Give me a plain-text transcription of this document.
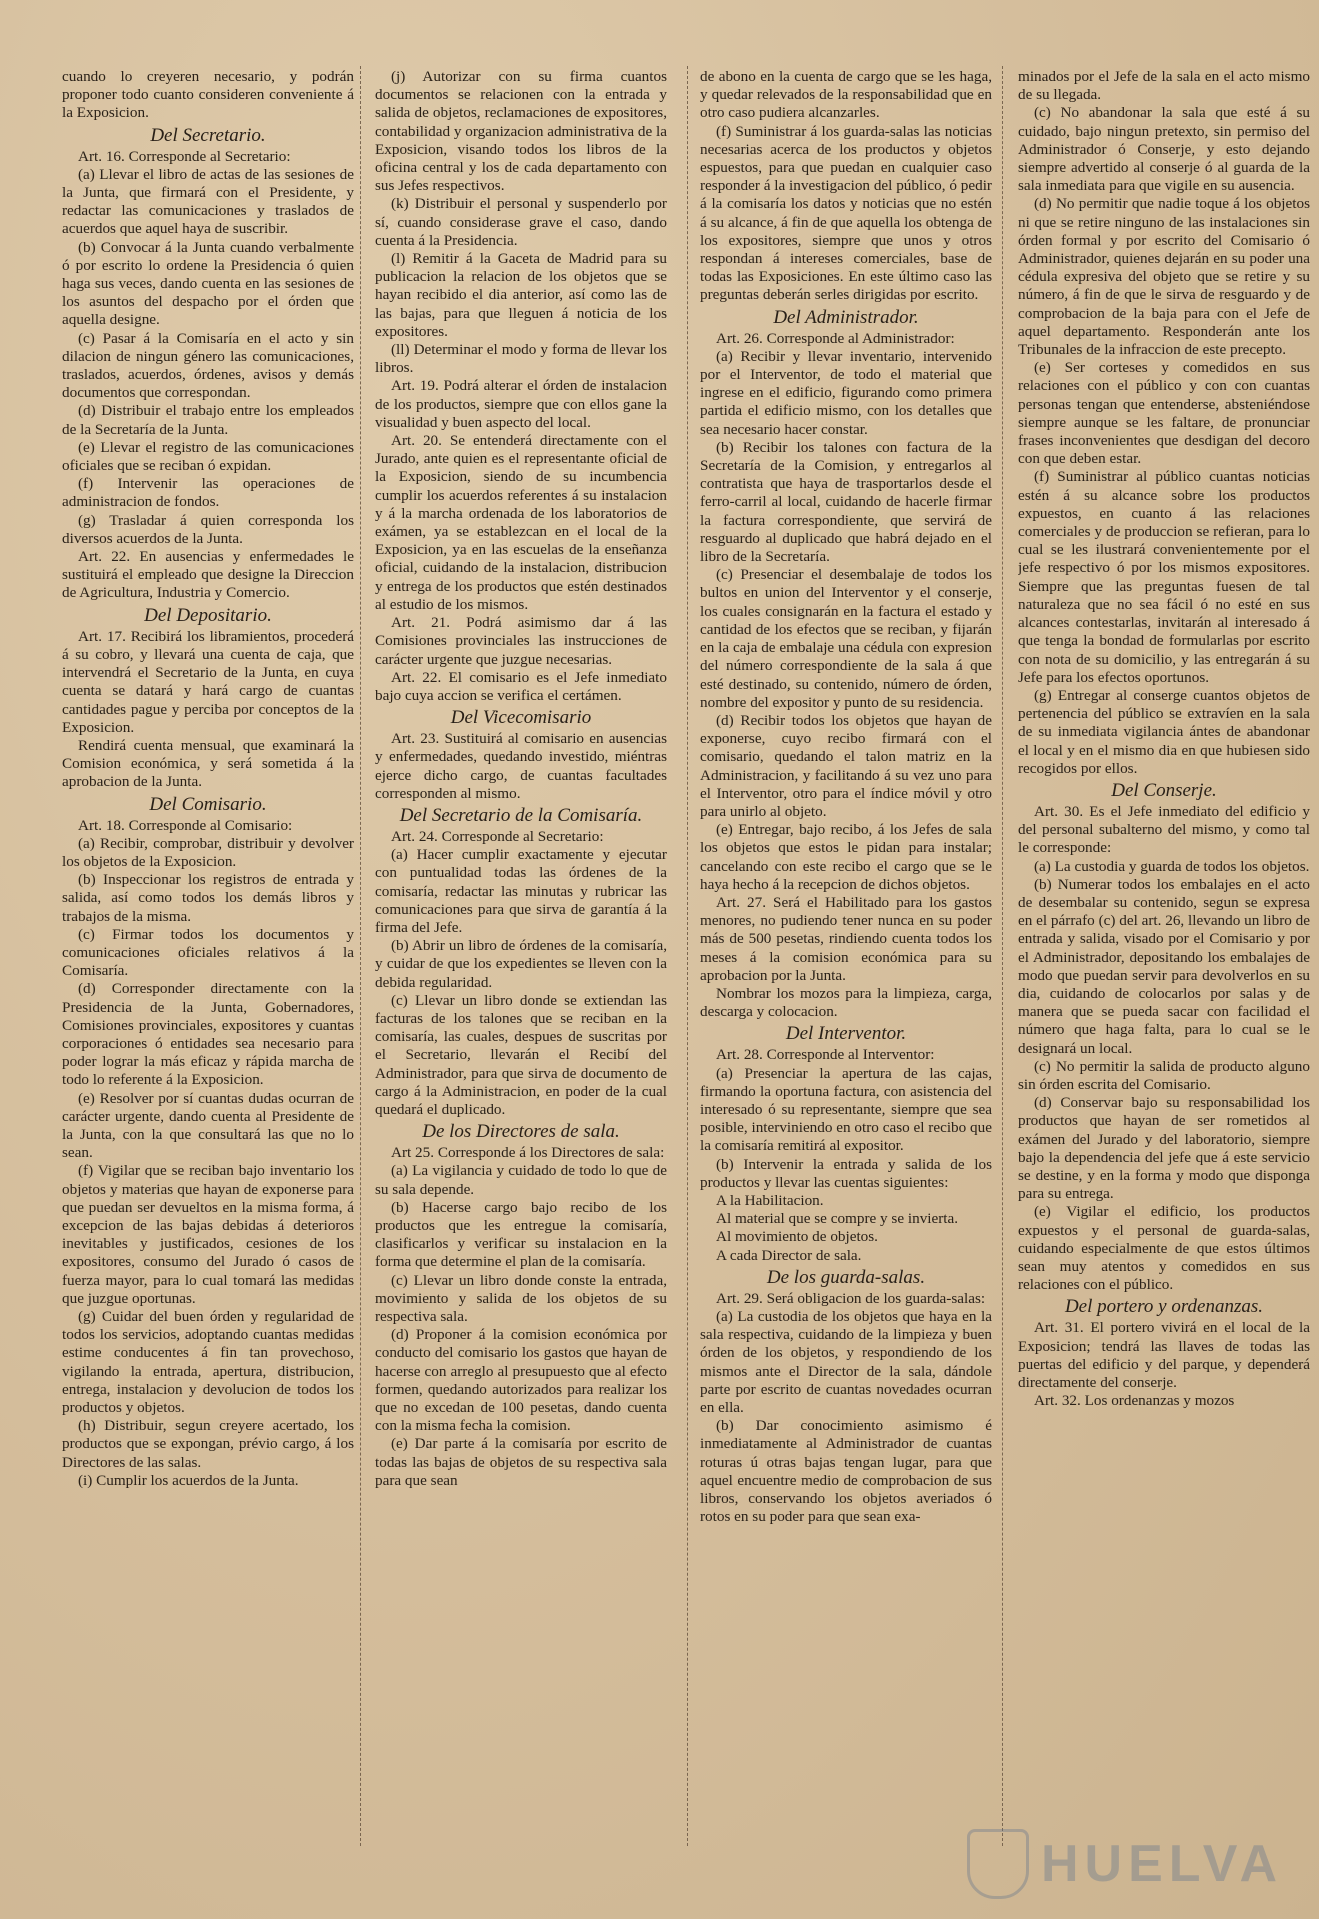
cuando lo creyeren necesario, y podrán proponer todo cuanto consideren conveniente á la Exposicion.

Del Secretario.

Art. 16. Corresponde al Secretario:

(a) Llevar el libro de actas de las sesiones de la Junta, que firmará con el Presidente, y redactar las comunicaciones y traslados de acuerdos que aquel haya de suscribir.

(b) Convocar á la Junta cuando verbalmente ó por escrito lo ordene la Presidencia ó quien haga sus veces, dando cuenta en las sesiones de los asuntos del despacho por el órden que aquella designe.

(c) Pasar á la Comisaría en el acto y sin dilacion de ningun género las comunicaciones, traslados, acuerdos, órdenes, avisos y demás documentos que correspondan.

(d) Distribuir el trabajo entre los empleados de la Secretaría de la Junta.

(e) Llevar el registro de las comunicaciones oficiales que se reciban ó expidan.

(f) Intervenir las operaciones de administracion de fondos.

(g) Trasladar á quien corresponda los diversos acuerdos de la Junta.

Art. 22. En ausencias y enfermedades le sustituirá el empleado que designe la Direccion de Agricultura, Industria y Comercio.

Del Depositario.

Art. 17. Recibirá los libramientos, procederá á su cobro, y llevará una cuenta de caja, que intervendrá el Secretario de la Junta, en cuya cuenta se datará y hará cargo de cuantas cantidades pague y perciba por conceptos de la Exposicion.

Rendirá cuenta mensual, que examinará la Comision económica, y será sometida á la aprobacion de la Junta.

Del Comisario.

Art. 18. Corresponde al Comisario:

(a) Recibir, comprobar, distribuir y devolver los objetos de la Exposicion.

(b) Inspeccionar los registros de entrada y salida, así como todos los demás libros y trabajos de la misma.

(c) Firmar todos los documentos y comunicaciones oficiales relativos á la Comisaría.

(d) Corresponder directamente con la Presidencia de la Junta, Gobernadores, Comisiones provinciales, expositores y cuantas corporaciones ó entidades sea necesario para poder lograr la más eficaz y rápida marcha de todo lo referente á la Exposicion.

(e) Resolver por sí cuantas dudas ocurran de carácter urgente, dando cuenta al Presidente de la Junta, con la que consultará las que no lo sean.

(f) Vigilar que se reciban bajo inventario los objetos y materias que hayan de exponerse para que puedan ser devueltos en la misma forma, á excepcion de las bajas debidas á deterioros inevitables y justificados, cesiones de los expositores, consumo del Jurado ó casos de fuerza mayor, para lo cual tomará las medidas que juzgue oportunas.

(g) Cuidar del buen órden y regularidad de todos los servicios, adoptando cuantas medidas estime conducentes á fin tan provechoso, vigilando la entrada, apertura, distribucion, entrega, instalacion y devolucion de todos los productos y objetos.

(h) Distribuir, segun creyere acertado, los productos que se expongan, prévio cargo, á los Directores de las salas.

(i) Cumplir los acuerdos de la Junta.

(j) Autorizar con su firma cuantos documentos se relacionen con la entrada y salida de objetos, reclamaciones de expositores, contabilidad y organizacion administrativa de la Exposicion, visando todos los libros de la oficina central y los de cada departamento con sus Jefes respectivos.

(k) Distribuir el personal y suspenderlo por sí, cuando considerase grave el caso, dando cuenta á la Presidencia.

(l) Remitir á la Gaceta de Madrid para su publicacion la relacion de los objetos que se hayan recibido el dia anterior, así como las de las bajas, para que lleguen á noticia de los expositores.

(ll) Determinar el modo y forma de llevar los libros.

Art. 19. Podrá alterar el órden de instalacion de los productos, siempre que con ellos gane la visualidad y buen aspecto del local.

Art. 20. Se entenderá directamente con el Jurado, ante quien es el representante oficial de la Exposicion, siendo de su incumbencia cumplir los acuerdos referentes á su instalacion y á la marcha ordenada de los laboratorios de exámen, ya se establezcan en el local de la Exposicion, ya en las escuelas de la enseñanza oficial, cuidando de la instalacion, distribucion y entrega de los productos que estén destinados al estudio de los mismos.

Art. 21. Podrá asimismo dar á las Comisiones provinciales las instrucciones de carácter urgente que juzgue necesarias.

Art. 22. El comisario es el Jefe inmediato bajo cuya accion se verifica el certámen.

Del Vicecomisario

Art. 23. Sustituirá al comisario en ausencias y enfermedades, quedando investido, miéntras ejerce dicho cargo, de cuantas facultades corresponden al mismo.

Del Secretario de la Comisaría.

Art. 24. Corresponde al Secretario:

(a) Hacer cumplir exactamente y ejecutar con puntualidad todas las órdenes de la comisaría, redactar las minutas y rubricar las comunicaciones para que sirva de garantía á la firma del Jefe.

(b) Abrir un libro de órdenes de la comisaría, y cuidar de que los expedientes se lleven con la debida regularidad.

(c) Llevar un libro donde se extiendan las facturas de los talones que se reciban en la comisaría, las cuales, despues de suscritas por el Secretario, llevarán el Recibí del Administrador, para que sirva de documento de cargo á la Administracion, en poder de la cual quedará el duplicado.

De los Directores de sala.

Art 25. Corresponde á los Directores de sala:

(a) La vigilancia y cuidado de todo lo que de su sala depende.

(b) Hacerse cargo bajo recibo de los productos que les entregue la comisaría, clasificarlos y verificar su instalacion en la forma que determine el plan de la comisaría.

(c) Llevar un libro donde conste la entrada, movimiento y salida de los objetos de su respectiva sala.

(d) Proponer á la comision económica por conducto del comisario los gastos que hayan de hacerse con arreglo al presupuesto que al efecto formen, quedando autorizados para realizar los que no excedan de 100 pesetas, dando cuenta con la misma fecha la comision.

(e) Dar parte á la comisaría por escrito de todas las bajas de objetos de su respectiva sala para que sean

de abono en la cuenta de cargo que se les haga, y quedar relevados de la responsabilidad que en otro caso pudiera alcanzarles.

(f) Suministrar á los guarda-salas las noticias necesarias acerca de los productos y objetos espuestos, para que puedan en cualquier caso responder á la investigacion del público, ó pedir á la comisaría los datos y noticias que no estén á su alcance, á fin de que aquella los obtenga de los expositores, siempre que unos y otros respondan á intereses comerciales, base de todas las Exposiciones. En este último caso las preguntas deberán serles dirigidas por escrito.

Del Administrador.

Art. 26. Corresponde al Administrador:

(a) Recibir y llevar inventario, intervenido por el Interventor, de todo el material que ingrese en el edificio, figurando como primera partida el edificio mismo, con los detalles que sea necesario hacer constar.

(b) Recibir los talones con factura de la Secretaría de la Comision, y entregarlos al contratista que haya de trasportarlos desde el ferro-carril al local, cuidando de hacerle firmar la factura correspondiente, que servirá de resguardo al duplicado que habrá dejado en el libro de la Secretaría.

(c) Presenciar el desembalaje de todos los bultos en union del Interventor y el conserje, los cuales consignarán en la factura el estado y cantidad de los efectos que se reciban, y fijarán en la caja de embalaje una cédula con expresion del número correspondiente de la sala á que esté destinado, su contenido, número de órden, nombre del expositor y punto de su residencia.

(d) Recibir todos los objetos que hayan de exponerse, cuyo recibo firmará con el comisario, quedando el talon matriz en la Administracion, y facilitando á su vez uno para el Interventor, otro para el índice móvil y otro para unirlo al objeto.

(e) Entregar, bajo recibo, á los Jefes de sala los objetos que estos le pidan para instalar; cancelando con este recibo el cargo que se le haya hecho á la recepcion de dichos objetos.

Art. 27. Será el Habilitado para los gastos menores, no pudiendo tener nunca en su poder más de 500 pesetas, rindiendo cuenta todos los meses á la comision económica para su aprobacion por la Junta.

Nombrar los mozos para la limpieza, carga, descarga y colocacion.

Del Interventor.

Art. 28. Corresponde al Interventor:

(a) Presenciar la apertura de las cajas, firmando la oportuna factura, con asistencia del interesado ó su representante, siempre que sea posible, interviniendo en otro caso el recibo que la comisaría remitirá al expositor.

(b) Intervenir la entrada y salida de los productos y llevar las cuentas siguientes:

A la Habilitacion.

Al material que se compre y se invierta.

Al movimiento de objetos.

A cada Director de sala.

De los guarda-salas.

Art. 29. Será obligacion de los guarda-salas:

(a) La custodia de los objetos que haya en la sala respectiva, cuidando de la limpieza y buen órden de los objetos, y respondiendo de los mismos ante el Director de la sala, dándole parte por escrito de cuantas novedades ocurran en ella.

(b) Dar conocimiento asimismo é inmediatamente al Administrador de cuantas roturas ú otras bajas tengan lugar, para que aquel encuentre medio de comprobacion de sus libros, conservando los objetos averiados ó rotos en su poder para que sean exa-

minados por el Jefe de la sala en el acto mismo de su llegada.

(c) No abandonar la sala que esté á su cuidado, bajo ningun pretexto, sin permiso del Administrador ó Conserje, y esto dejando siempre advertido al conserje ó al guarda de la sala inmediata para que vigile en su ausencia.

(d) No permitir que nadie toque á los objetos ni que se retire ninguno de las instalaciones sin órden formal y por escrito del Comisario ó Administrador, quienes dejarán en su poder una cédula expresiva del objeto que se retire y su número, á fin de que le sirva de resguardo y de comprobacion de la baja para con el Jefe de aquel departamento. Responderán ante los Tribunales de la infraccion de este precepto.

(e) Ser corteses y comedidos en sus relaciones con el público y con con cuantas personas tengan que entenderse, absteniéndose siempre aunque se les faltare, de pronunciar frases inconvenientes que desdigan del decoro con que deben estar.

(f) Suministrar al público cuantas noticias estén á su alcance sobre los productos expuestos, en cuanto á las relaciones comerciales y de produccion se refieran, para lo cual se les ilustrará convenientemente por el jefe respectivo ó por los mismos expositores. Siempre que las preguntas fuesen de tal naturaleza que no sea fácil ó no esté en sus alcances contestarlas, invitarán al interesado á que tenga la bondad de formularlas por escrito con nota de su domicilio, y las entregarán á su Jefe para los efectos oportunos.

(g) Entregar al conserge cuantos objetos de pertenencia del público se extravíen en la sala de su inmediata vigilancia ántes de abandonar el local y en el mismo dia en que hubiesen sido recogidos por ellos.

Del Conserje.

Art. 30. Es el Jefe inmediato del edificio y del personal subalterno del mismo, y como tal le corresponde:

(a) La custodia y guarda de todos los objetos.

(b) Numerar todos los embalajes en el acto de desembalar su contenido, segun se expresa en el párrafo (c) del art. 26, llevando un libro de entrada y salida, visado por el Comisario y por el Administrador, depositando los embalajes de modo que puedan servir para devolverlos en su dia, cuidando de colocarlos por salas y de manera que se pueda sacar con facilidad el número que haga falta, para lo cual se le designará un local.

(c) No permitir la salida de producto alguno sin órden escrita del Comisario.

(d) Conservar bajo su responsabilidad los productos que hayan de ser rometidos al exámen del Jurado y del laboratorio, siempre bajo la dependencia del jefe que á este servicio se destine, y en la forma y modo que disponga para su entrega.

(e) Vigilar el edificio, los productos expuestos y el personal de guarda-salas, cuidando especialmente de que estos últimos sean muy atentos y comedidos en sus relaciones con el público.

Del portero y ordenanzas.

Art. 31. El portero vivirá en el local de la Exposicion; tendrá las llaves de todas las puertas del edificio y del parque, y dependerá directamente del conserje.

Art. 32. Los ordenanzas y mozos

HUELVA
